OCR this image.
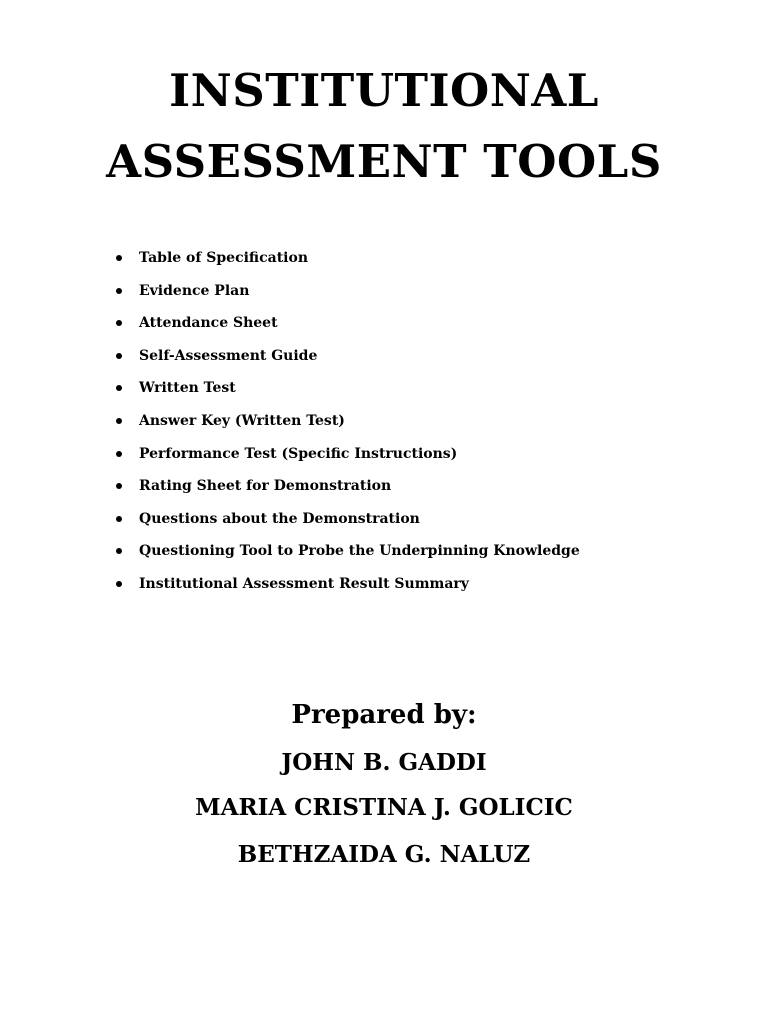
INSTITUTIONAL
ASSESSMENT TOOLS
Table of Specification
Evidence Plan
Attendance Sheet
Self-Assessment Guide
Written Test
Answer Key (Written Test)
Performance Test (Specific Instructions)
Rating Sheet for Demonstration
Questions about the Demonstration
Questioning Tool to Probe the Underpinning Knowledge
Institutional Assessment Result Summary
Prepared by:
JOHN B. GADDI
MARIA CRISTINA J. GOLICIC
BETHZAIDA G. NALUZ
